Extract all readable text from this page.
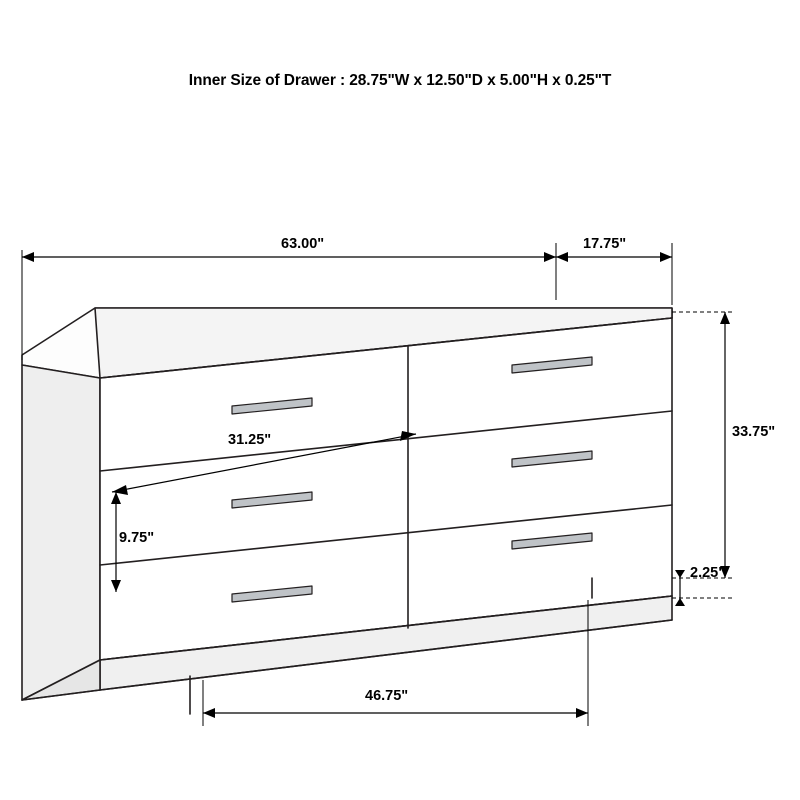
Inner Size of Drawer : 28.75"W x 12.50"D x 5.00"H x 0.25"T
63.00"	17.75"
31.25"	33.75"
9.75"
2.25"
46.75"
